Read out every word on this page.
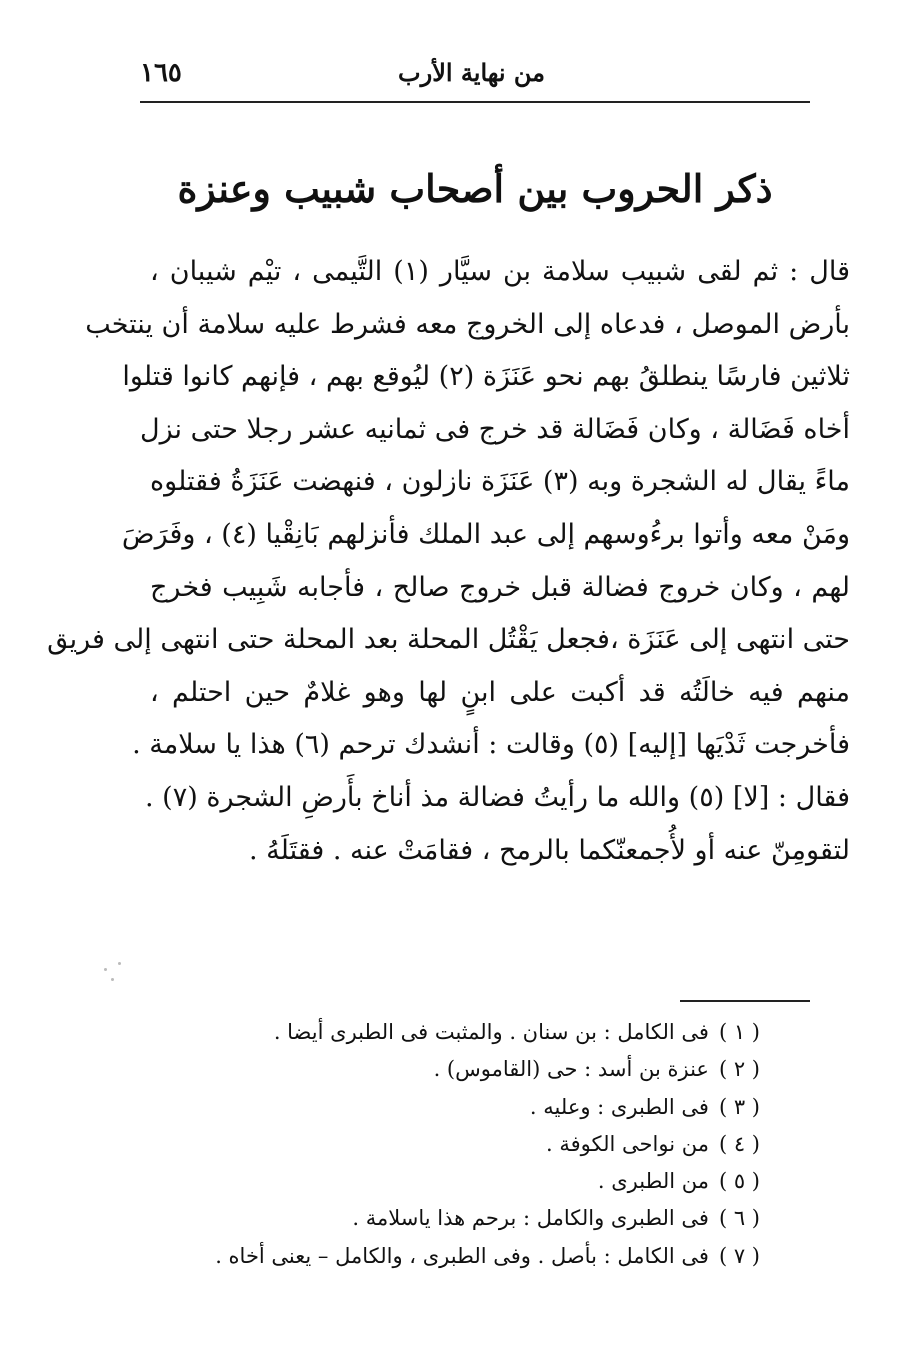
من نهاية الأرب
١٦٥
ذكر الحروب بين أصحاب شبيب وعنزة
قال : ثم لقى شبيب سلامة بن سيَّار (١) التَّيمى ، تيْم شيبان ،
بأرض الموصل ، فدعاه إلى الخروج معه فشرط عليه سلامة أن ينتخب
ثلاثين فارسًا ينطلقُ بهم نحو عَنَزَة (٢) ليُوقع بهم ، فإنهم كانوا قتلوا
أخاه فَضَالة ، وكان فَضَالة قد خرج فى ثمانيه عشر رجلا حتى نزل
ماءً يقال له الشجرة وبه (٣) عَنَزَة نازلون ، فنهضت عَنَزَةُ فقتلوه
ومَنْ معه وأتوا برءُوسهم إلى عبد الملك فأنزلهم بَانِقْيا (٤) ، وفَرَضَ
لهم ، وكان خروج فضالة قبل خروج صالح ، فأجابه شَبِيب فخرج
حتى انتهى إلى عَنَزَة ،فجعل يَقْتُل المحلة بعد المحلة حتى انتهى إلى فريق
منهم فيه خالَتُه قد أكبت على ابنٍ لها وهو غلامٌ حين احتلم ،
فأخرجت ثَدْيَها [إليه] (٥) وقالت : أنشدك ترحم (٦) هذا يا سلامة .
فقال : [لا] (٥) والله ما رأيتُ فضالة مذ أناخ بأَرضِ الشجرة (٧) .
لتقومِنّ عنه أو لأُجمعنّكما بالرمح ، فقامَتْ عنه . فقتَلَهُ .
( ١ )فى الكامل : بن سنان . والمثبت فى الطبرى أيضا .
( ٢ )عنزة بن أسد : حى (القاموس) .
( ٣ )فى الطبرى : وعليه .
( ٤ )من نواحى الكوفة .
( ٥ )من الطبرى .
( ٦ )فى الطبرى والكامل : برحم هذا ياسلامة .
( ٧ )فى الكامل : بأصل . وفى الطبرى ، والكامل – يعنى أخاه .
